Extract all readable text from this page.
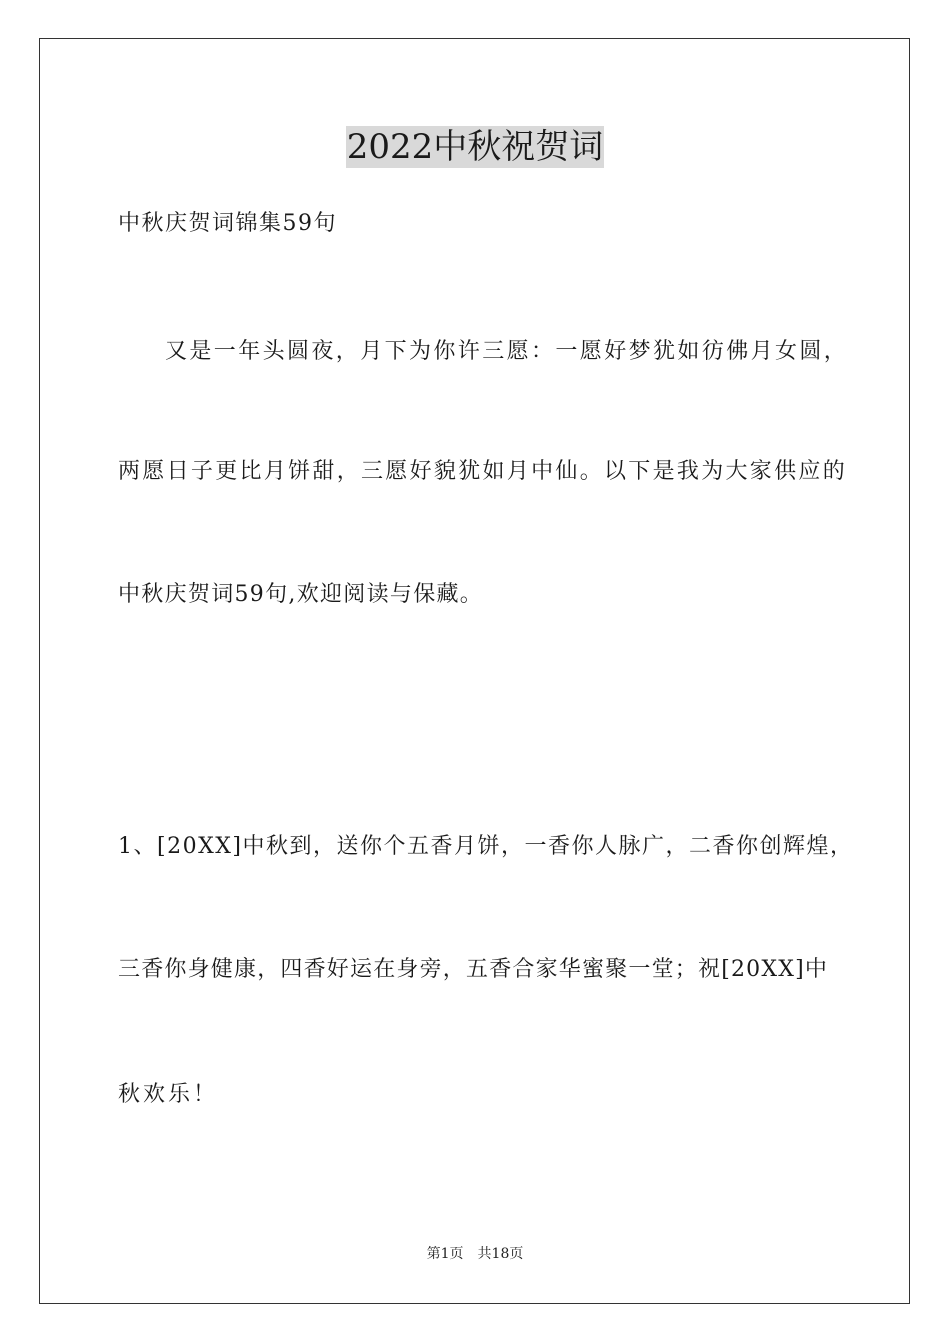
2022中秋祝贺词
中秋庆贺词锦集59句
又是一年头圆夜，月下为你许三愿：一愿好梦犹如彷佛月女圆，
两愿日子更比月饼甜，三愿好貌犹如月中仙。以下是我为大家供应的
中秋庆贺词59句,欢迎阅读与保藏。
1、[20XX]中秋到，送你个五香月饼，一香你人脉广，二香你创辉煌，
三香你身健康，四香好运在身旁，五香合家华蜜聚一堂；祝[20XX]中
秋欢乐！
第1页 共18页
